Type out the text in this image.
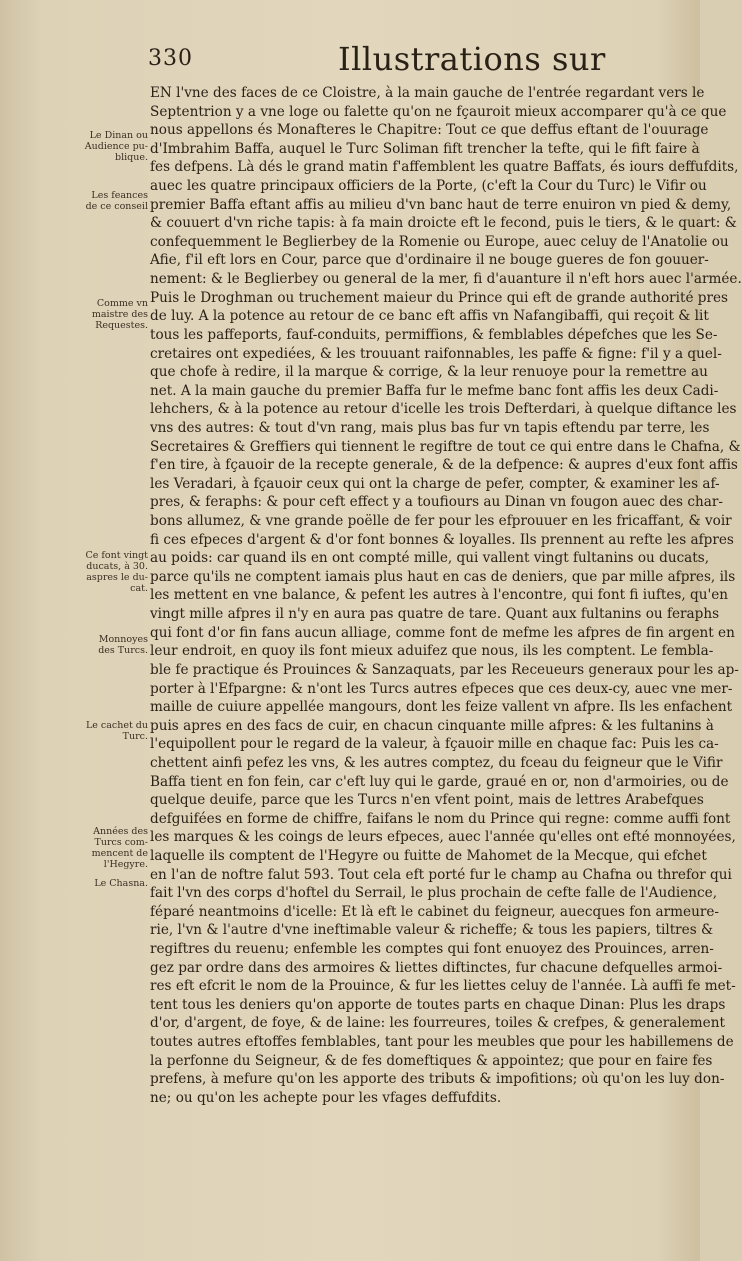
330	Illustrations sur
Le Dinan ou
Audience pu-
blique.
Les feances
de ce conseil
Comme vn
maistre des
Requestes.
Ce font vingt
ducats, à 30.
aspres le du-
cat.
Monnoyes
des Turcs.
Le cachet du
Turc.
Années des
Turcs com-
mencent de
l'Hegyre.
Le Chasna.
EN l'vne des faces de ce Cloistre, à la main gauche de l'entrée regardant vers le
Septentrion y a vne loge ou falette qu'on ne fçauroit mieux accomparer qu'à ce que
nous appellons és Monafteres le Chapitre: Tout ce que deffus eftant de l'ouurage
d'Imbrahim Baffa, auquel le Turc Soliman fift trencher la tefte, qui le fift faire à
fes defpens. Là dés le grand matin f'affemblent les quatre Baffats, és iours deffufdits,
auec les quatre principaux officiers de la Porte, (c'eft la Cour du Turc) le Vifir ou
premier Baffa eftant affis au milieu d'vn banc haut de terre enuiron vn pied & demy,
& couuert d'vn riche tapis: à fa main droicte eft le fecond, puis le tiers, & le quart: &
confequemment le Beglierbey de la Romenie ou Europe, auec celuy de l'Anatolie ou
Afie, f'il eft lors en Cour, parce que d'ordinaire il ne bouge gueres de fon gouuer-
nement: & le Beglierbey ou general de la mer, fi d'auanture il n'eft hors auec l'armée.
Puis le Droghman ou truchement maieur du Prince qui eft de grande authorité pres
de luy. A la potence au retour de ce banc eft affis vn Nafangibaffi, qui reçoit & lit
tous les paffeports, fauf-conduits, permiffions, & femblables dépefches que les Se-
cretaires ont expediées, & les trouuant raifonnables, les paffe & figne: f'il y a quel-
que chofe à redire, il la marque & corrige, & la leur renuoye pour la remettre au
net. A la main gauche du premier Baffa fur le mefme banc font affis les deux Cadi-
lehchers, & à la potence au retour d'icelle les trois Defterdari, à quelque diftance les
vns des autres: & tout d'vn rang, mais plus bas fur vn tapis eftendu par terre, les
Secretaires & Greffiers qui tiennent le regiftre de tout ce qui entre dans le Chafna, &
f'en tire, à fçauoir de la recepte generale, & de la defpence: & aupres d'eux font affis
les Veradari, à fçauoir ceux qui ont la charge de pefer, compter, & examiner les af-
pres, & feraphs: & pour ceft effect y a toufiours au Dinan vn fougon auec des char-
bons allumez, & vne grande poëlle de fer pour les efprouuer en les fricaffant, & voir
fi ces efpeces d'argent & d'or font bonnes & loyalles. Ils prennent au refte les afpres
au poids: car quand ils en ont compté mille, qui vallent vingt fultanins ou ducats,
parce qu'ils ne comptent iamais plus haut en cas de deniers, que par mille afpres, ils
les mettent en vne balance, & pefent les autres à l'encontre, qui font fi iuftes, qu'en
vingt mille afpres il n'y en aura pas quatre de tare. Quant aux fultanins ou feraphs
qui font d'or fin fans aucun alliage, comme font de mefme les afpres de fin argent en
leur endroit, en quoy ils font mieux aduifez que nous, ils les comptent. Le fembla-
ble fe practique és Prouinces & Sanzaquats, par les Receueurs generaux pour les ap-
porter à l'Efpargne: & n'ont les Turcs autres efpeces que ces deux-cy, auec vne mer-
maille de cuiure appellée mangours, dont les feize vallent vn afpre. Ils les enfachent
puis apres en des facs de cuir, en chacun cinquante mille afpres: & les fultanins à
l'equipollent pour le regard de la valeur, à fçauoir mille en chaque fac: Puis les ca-
chettent ainfi pefez les vns, & les autres comptez, du fceau du feigneur que le Vifir
Baffa tient en fon fein, car c'eft luy qui le garde, graué en or, non d'armoiries, ou de
quelque deuife, parce que les Turcs n'en vfent point, mais de lettres Arabefques
defguifées en forme de chiffre, faifans le nom du Prince qui regne: comme auffi font
les marques & les coings de leurs efpeces, auec l'année qu'elles ont efté monnoyées,
laquelle ils comptent de l'Hegyre ou fuitte de Mahomet de la Mecque, qui efchet
en l'an de noftre falut 593. Tout cela eft porté fur le champ au Chafna ou threfor qui
fait l'vn des corps d'hoftel du Serrail, le plus prochain de cefte falle de l'Audience,
féparé neantmoins d'icelle: Et là eft le cabinet du feigneur, auecques fon armeure-
rie, l'vn & l'autre d'vne ineftimable valeur & richeffe; & tous les papiers, tiltres &
regiftres du reuenu; enfemble les comptes qui font enuoyez des Prouinces, arren-
gez par ordre dans des armoires & liettes diftinctes, fur chacune defquelles armoi-
res eft efcrit le nom de la Prouince, & fur les liettes celuy de l'année. Là auffi fe met-
tent tous les deniers qu'on apporte de toutes parts en chaque Dinan: Plus les draps
d'or, d'argent, de foye, & de laine: les fourreures, toiles & crefpes, & generalement
toutes autres eftoffes femblables, tant pour les meubles que pour les habillemens de
la perfonne du Seigneur, & de fes domeftiques & appointez; que pour en faire fes
prefens, à mefure qu'on les apporte des tributs & impofitions; où qu'on les luy don-
ne; ou qu'on les achepte pour les vfages deffufdits.
